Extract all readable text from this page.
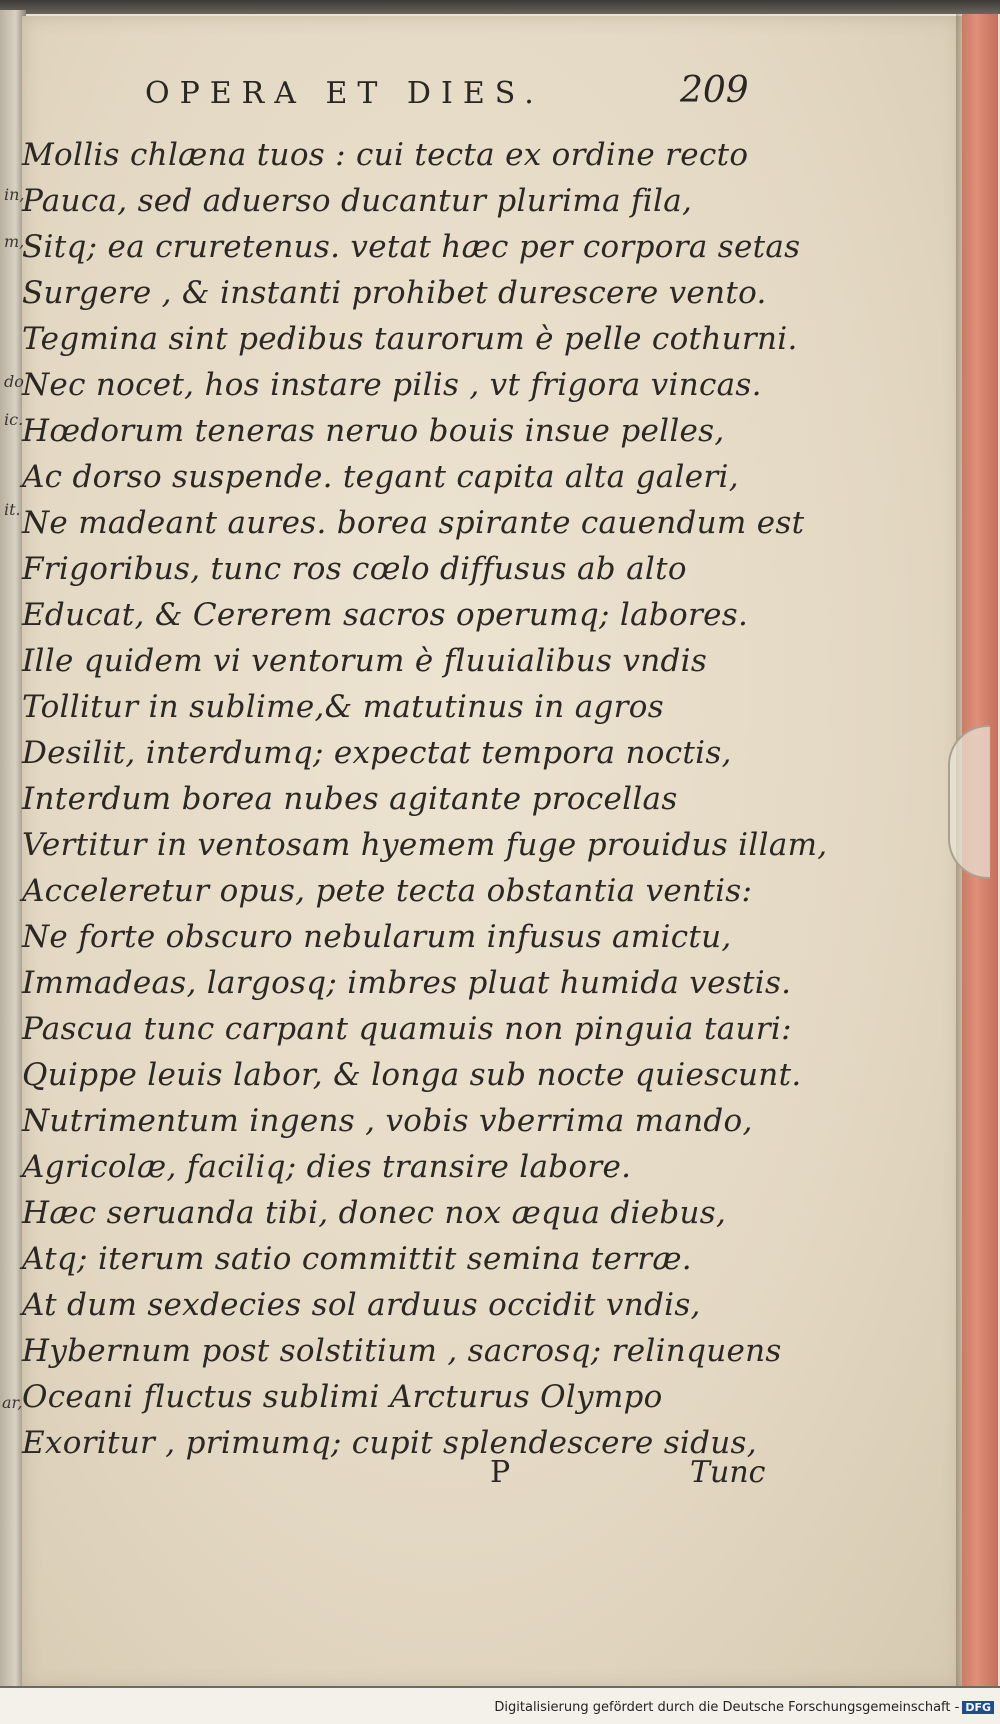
OPERA ET DIES.	209
m,
do
it.
ic.
in,
ar,
Mollis chlæna tuos : cui tecta ex ordine recto
Pauca, sed aduerso ducantur plurima fila,
Sitq; ea cruretenus. vetat hæc per corpora setas
Surgere , & instanti prohibet durescere vento.
Tegmina sint pedibus taurorum è pelle cothurni.
Nec nocet, hos instare pilis , vt frigora vincas.
Hœdorum teneras neruo bouis insue pelles,
Ac dorso suspende. tegant capita alta galeri,
Ne madeant aures. borea spirante cauendum est
Frigoribus, tunc ros cœlo diffusus ab alto
Educat, & Cererem sacros operumq; labores.
Ille quidem vi ventorum è fluuialibus vndis
Tollitur in sublime,& matutinus in agros
Desilit, interdumq; expectat tempora noctis,
Interdum borea nubes agitante procellas
Vertitur in ventosam hyemem fuge prouidus illam,
Acceleretur opus, pete tecta obstantia ventis:
Ne forte obscuro nebularum infusus amictu,
Immadeas, largosq; imbres pluat humida vestis.
Pascua tunc carpant quamuis non pinguia tauri:
Quippe leuis labor, & longa sub nocte quiescunt.
Nutrimentum ingens , vobis vberrima mando,
Agricolæ, faciliq; dies transire labore.
Hæc seruanda tibi, donec nox æqua diebus,
Atq; iterum satio committit semina terræ.
At dum sexdecies sol arduus occidit vndis,
Hybernum post solstitium , sacrosq; relinquens
Oceani fluctus sublimi Arcturus Olympo
Exoritur , primumq; cupit splendescere sidus,
P	Tunc
Digitalisierung gefördert durch die Deutsche Forschungsgemeinschaft - DFG
